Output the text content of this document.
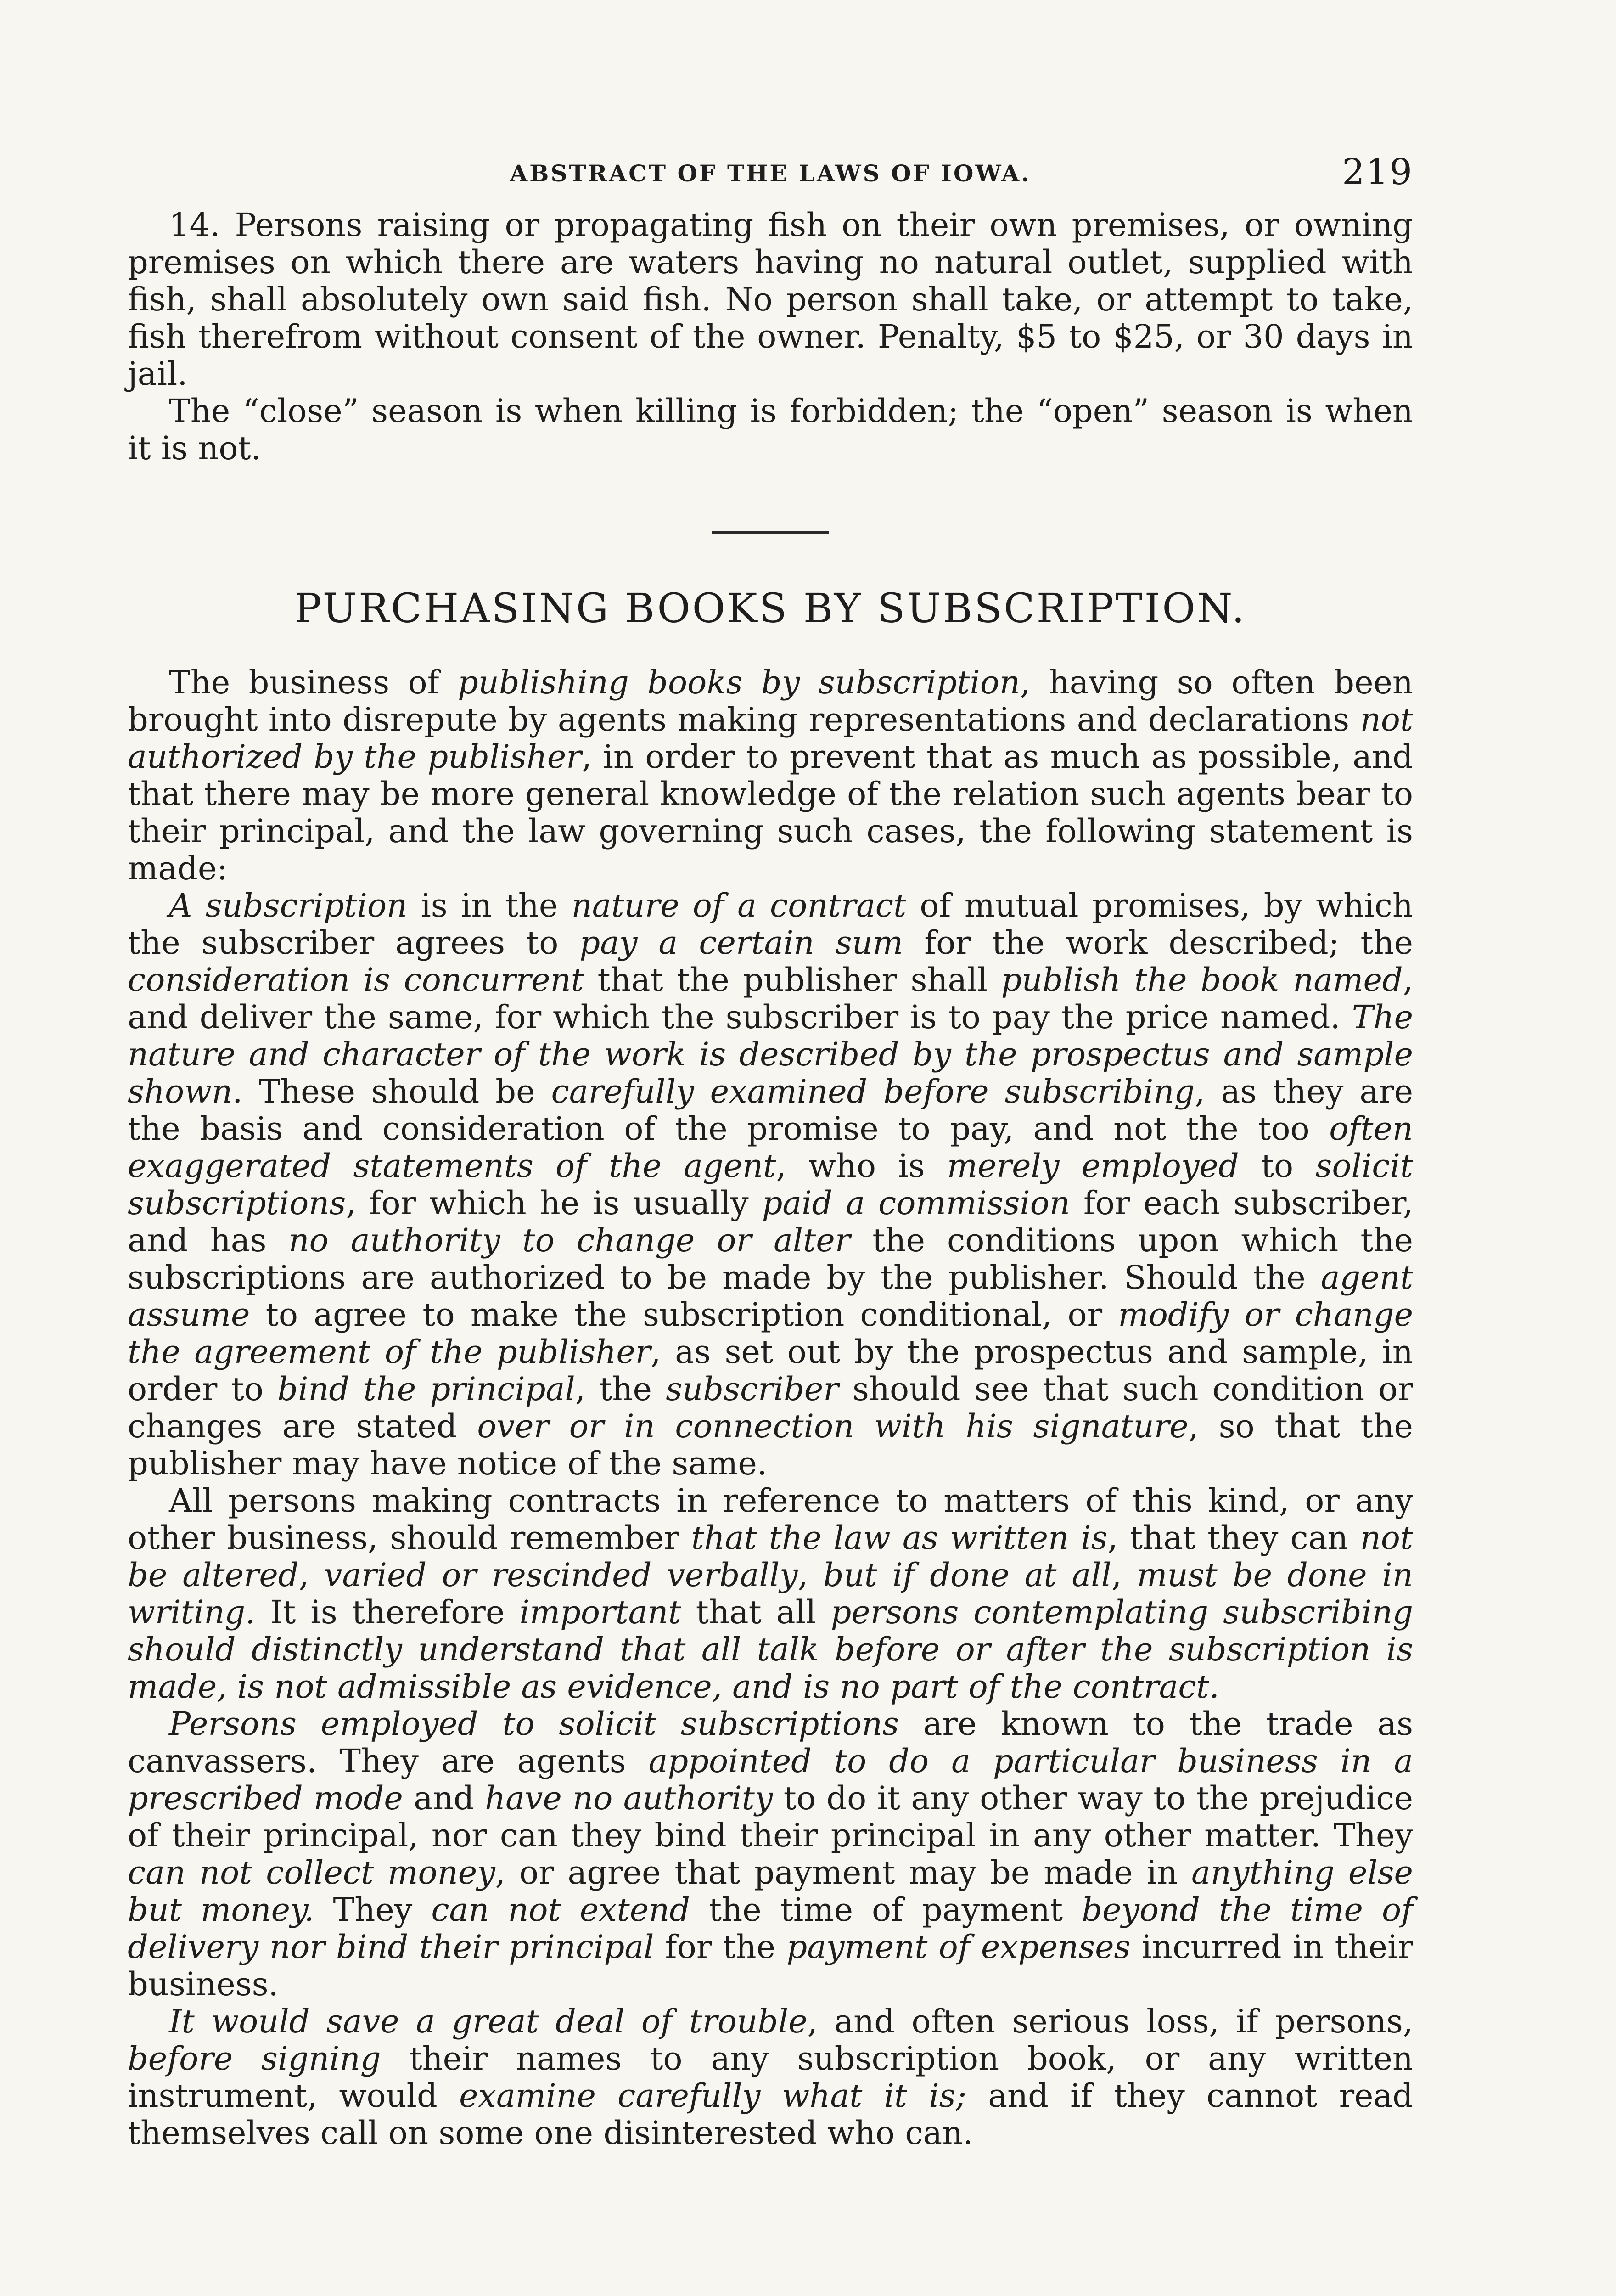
ABSTRACT OF THE LAWS OF IOWA.	219

14. Persons raising or propagating fish on their own premises, or owning premises on which there are waters having no natural outlet, supplied with fish, shall absolutely own said fish. No person shall take, or attempt to take, fish therefrom without consent of the owner. Penalty, $5 to $25, or 30 days in jail.

The “close” season is when killing is forbidden; the “open” season is when it is not.

PURCHASING BOOKS BY SUBSCRIPTION.

The business of publishing books by subscription, having so often been brought into disrepute by agents making representations and declarations not authorized by the publisher, in order to prevent that as much as possible, and that there may be more general knowledge of the relation such agents bear to their principal, and the law governing such cases, the following statement is made:

A subscription is in the nature of a contract of mutual promises, by which the subscriber agrees to pay a certain sum for the work described; the consideration is concurrent that the publisher shall publish the book named, and deliver the same, for which the subscriber is to pay the price named. The nature and character of the work is described by the prospectus and sample shown. These should be carefully examined before subscribing, as they are the basis and consideration of the promise to pay, and not the too often exaggerated statements of the agent, who is merely employed to solicit subscriptions, for which he is usually paid a commission for each subscriber, and has no authority to change or alter the conditions upon which the subscriptions are authorized to be made by the publisher. Should the agent assume to agree to make the subscription conditional, or modify or change the agreement of the publisher, as set out by the prospectus and sample, in order to bind the principal, the subscriber should see that such condition or changes are stated over or in connection with his signature, so that the publisher may have notice of the same.

All persons making contracts in reference to matters of this kind, or any other business, should remember that the law as written is, that they can not be altered, varied or rescinded verbally, but if done at all, must be done in writing. It is therefore important that all persons contemplating subscribing should distinctly understand that all talk before or after the subscription is made, is not admissible as evidence, and is no part of the contract.

Persons employed to solicit subscriptions are known to the trade as canvassers. They are agents appointed to do a particular business in a prescribed mode and have no authority to do it any other way to the prejudice of their principal, nor can they bind their principal in any other matter. They can not collect money, or agree that payment may be made in anything else but money. They can not extend the time of payment beyond the time of delivery nor bind their principal for the payment of expenses incurred in their business.

It would save a great deal of trouble, and often serious loss, if persons, before signing their names to any subscription book, or any written instrument, would examine carefully what it is; and if they cannot read themselves call on some one disinterested who can.
